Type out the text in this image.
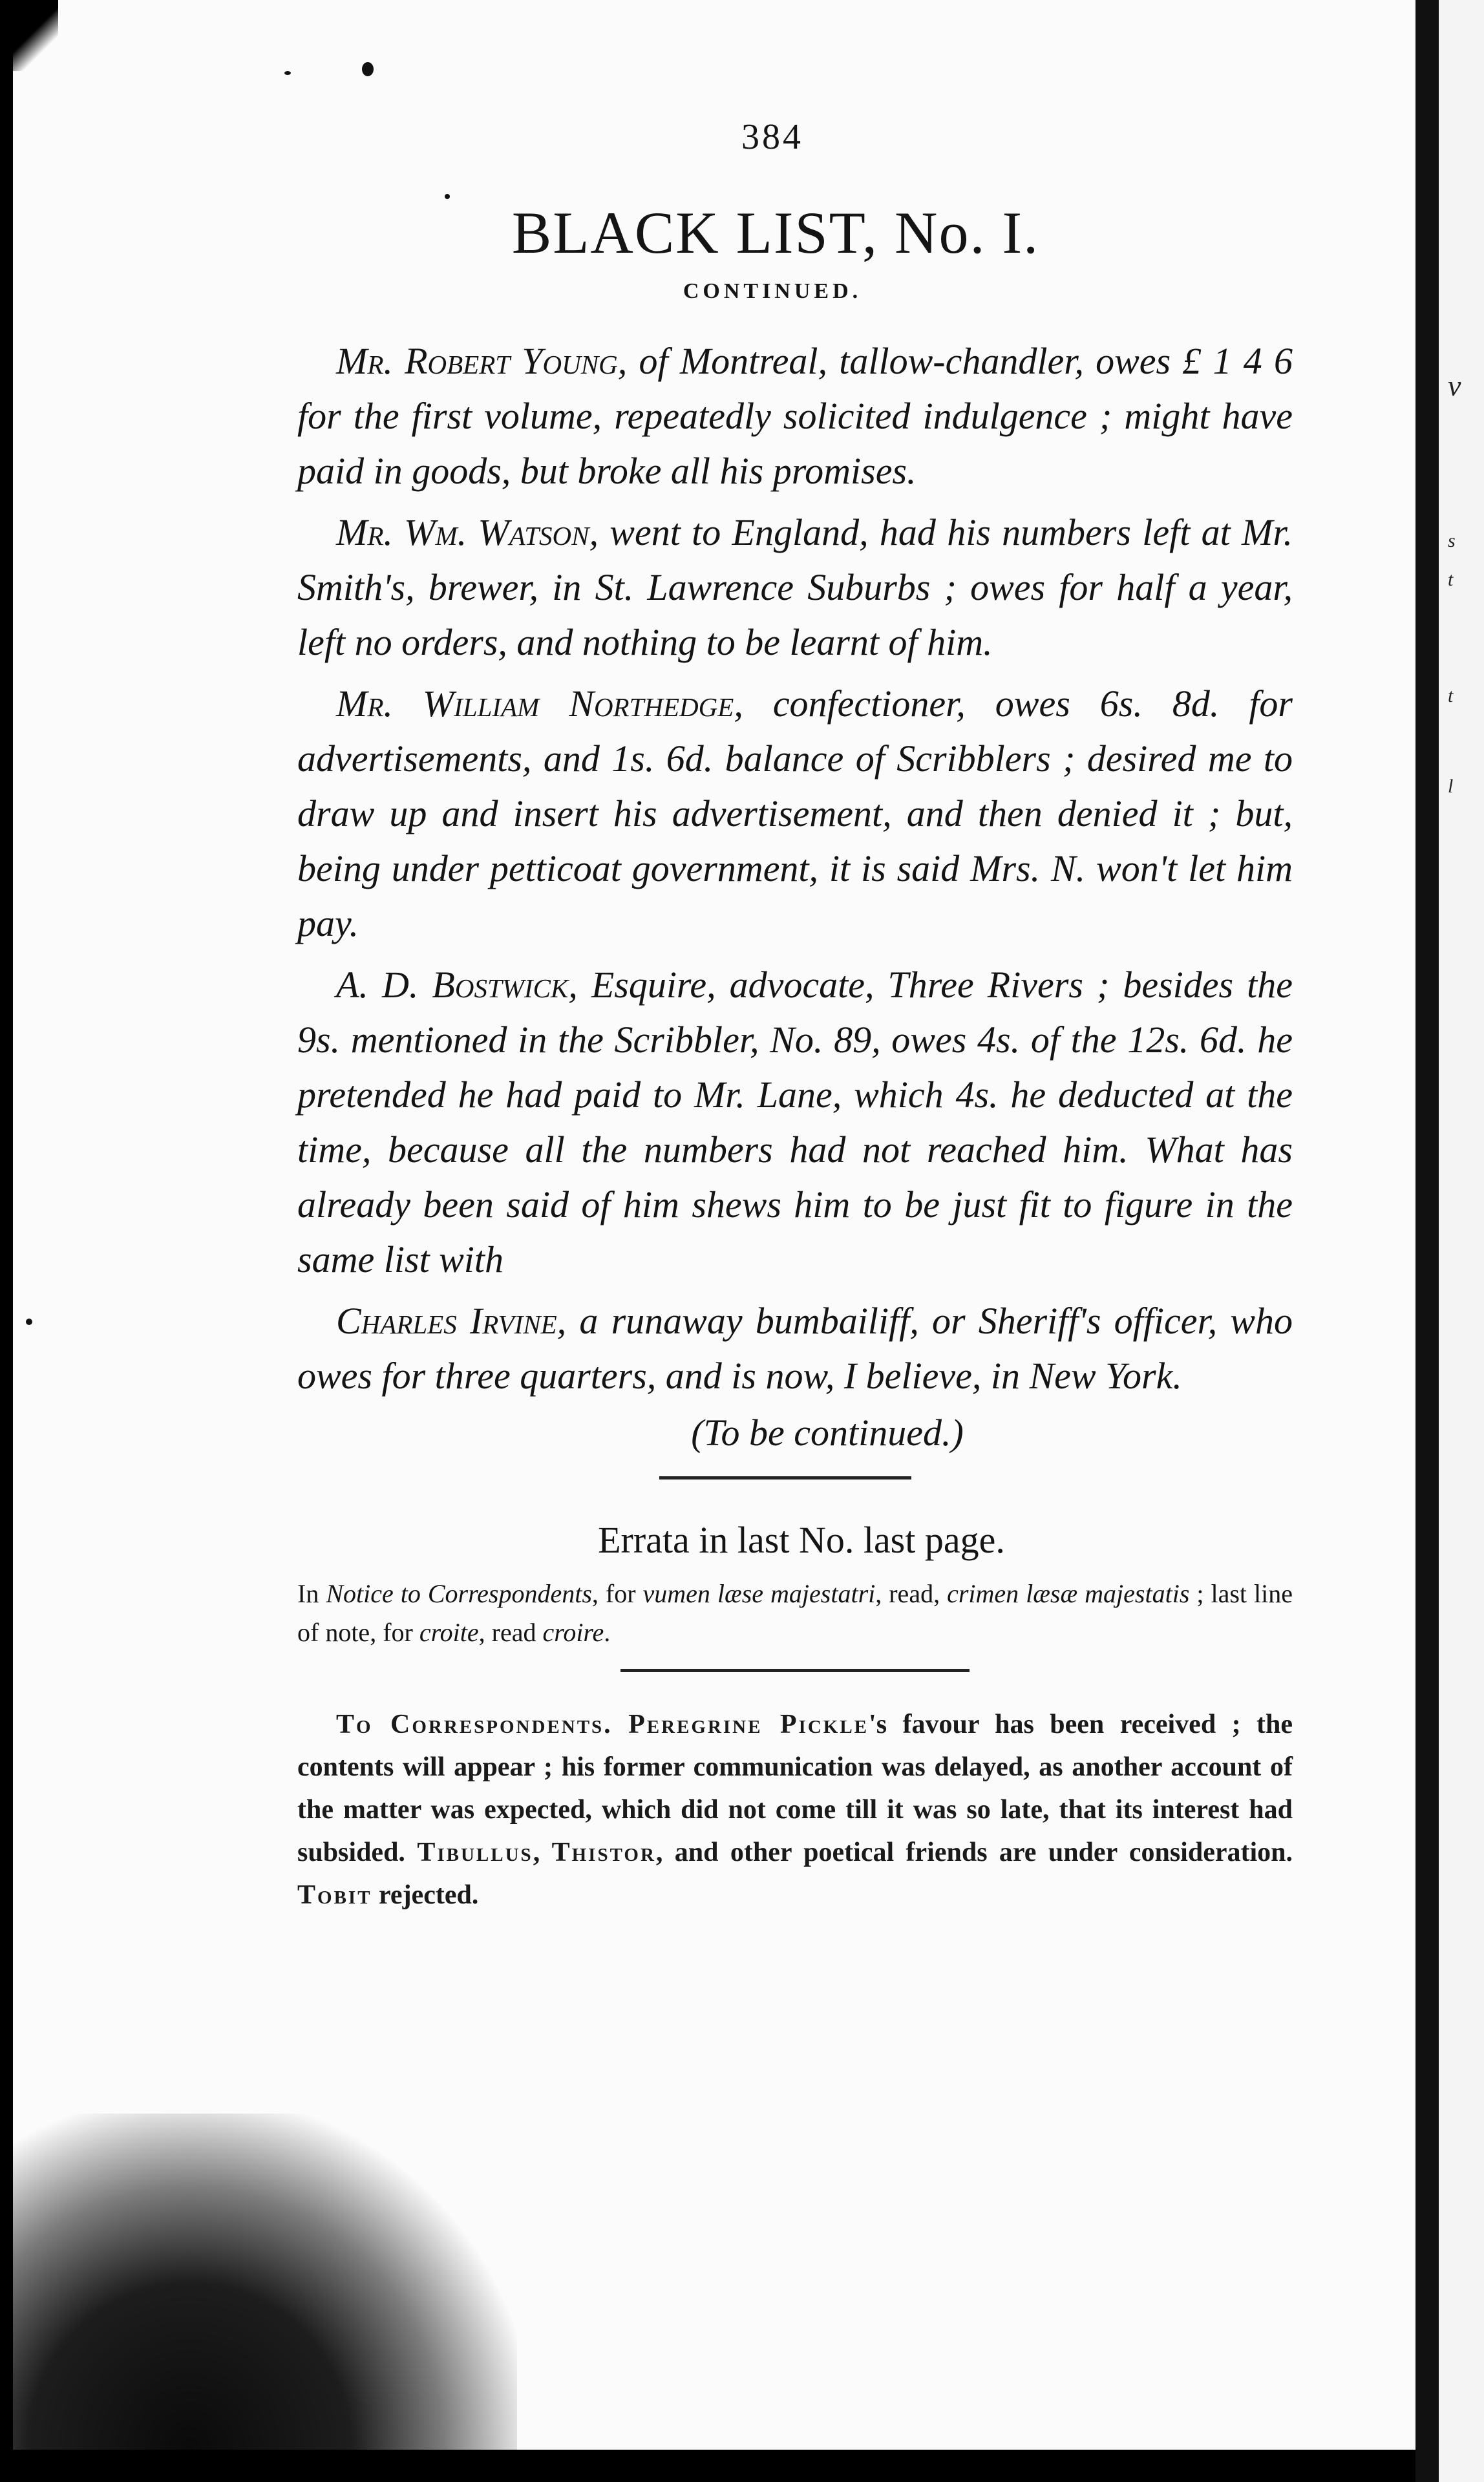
384
BLACK LIST, No. I.
CONTINUED.

Mr. Robert Young, of Montreal, tallow-chandler, owes £ 1 4 6 for the first volume, repeatedly solicited indulgence ; might have paid in goods, but broke all his promises.

Mr. Wm. Watson, went to England, had his numbers left at Mr. Smith's, brewer, in St. Lawrence Suburbs ; owes for half a year, left no orders, and nothing to be learnt of him.

Mr. William Northedge, confectioner, owes 6s. 8d. for advertisements, and 1s. 6d. balance of Scribblers ; desired me to draw up and insert his advertisement, and then denied it ; but, being under petticoat government, it is said Mrs. N. won't let him pay.

A. D. Bostwick, Esquire, advocate, Three Rivers ; besides the 9s. mentioned in the Scribbler, No. 89, owes 4s. of the 12s. 6d. he pretended he had paid to Mr. Lane, which 4s. he deducted at the time, because all the numbers had not reached him. What has already been said of him shews him to be just fit to figure in the same list with

Charles Irvine, a runaway bumbailiff, or Sheriff's officer, who owes for three quarters, and is now, I believe, in New York.

(To be continued.)
Errata in last No. last page.

In Notice to Correspondents, for vumen læse majestatri, read, crimen læsæ majestatis ; last line of note, for croite, read croire.

To Correspondents. Peregrine Pickle's favour has been received ; the contents will appear ; his former communication was delayed, as another account of the matter was expected, which did not come till it was so late, that its interest had subsided. Tibullus, Thistor, and other poetical friends are under consideration. Tobit rejected.

v
s
t
t
l
